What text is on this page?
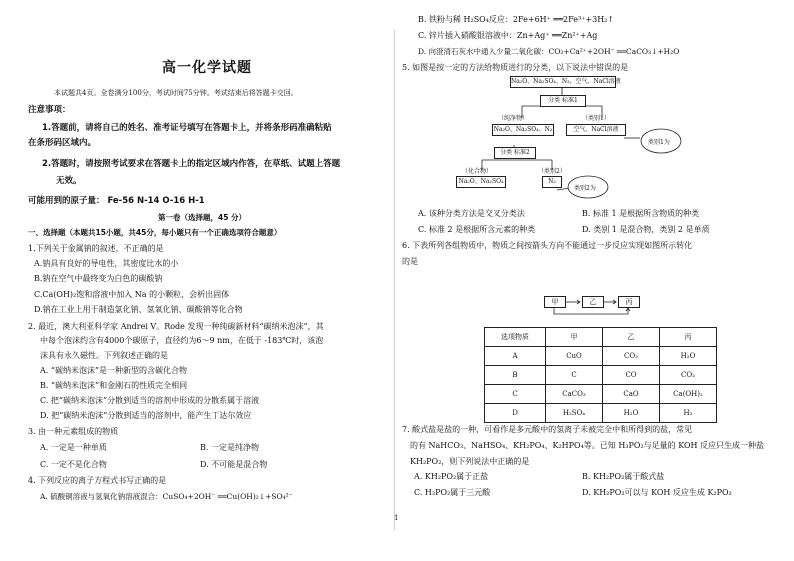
高一化学试题
本试题共4页。全卷满分100分，考试时间75分钟。考试结束后将答题卡交回。
注意事项：
1.答题前，请将自己的姓名、准考证号填写在答题卡上，并将条形码准确粘贴
在条形码区域内。
2.答题时，请按照考试要求在答题卡上的指定区域内作答，在草纸、试题上答题
无效。
可能用到的原子量： Fe-56 N-14 O-16 H-1
第一卷（选择题，45 分）
一、选择题（本题共15小题，共45分，每小题只有一个正确选项符合题意）
1.下列关于金属钠的叙述，不正确的是
A.钠具有良好的导电性，其密度比水的小
B.钠在空气中最终变为白色的碳酸钠
C.Ca(OH)₂饱和溶液中加入 Na 的小颗粒，会析出固体
D.钠在工业上用于制造氯化钠、氢氧化钠、碳酸钠等化合物
2. 最近，澳大利亚科学家 Andrei V。Rode 发现一种纯碳新材料“碳纳米泡沫”，其
中每个泡沫约含有4000个碳原子，直径约为6～9 nm，在低于 -183℃时，该泡
沫具有永久磁性。下列叙述正确的是
A. “碳纳米泡沫”是一种新型的含碳化合物
B. “碳纳米泡沫”和金刚石的性质完全相同
C. 把“碳纳米泡沫”分散到适当的溶剂中形成的分散系属于溶液
D. 把“碳纳米泡沫”分散到适当的溶剂中，能产生丁达尔效应
3. 由一种元素组成的物质
A. 一定是一种单质	B. 一定是纯净物
C. 一定不是化合物	D. 不可能是混合物
4. 下列反应的离子方程式书写正确的是
A. 硫酸铜溶液与氢氧化钠溶液混合：CuSO₄+2OH⁻ ══Cu(OH)₂↓+SO₄²⁻
B. 铁粉与稀 H₂SO₄反应：2Fe+6H⁺ ══2Fe³⁺+3H₂↑
C. 锌片插入硝酸银溶液中：Zn+Ag⁺ ══Zn²⁺+Ag
D. 向澄清石灰水中通入少量二氧化碳：CO₂+Ca²⁺+2OH⁻ ══CaCO₃↓+H₂O
5. 如图是按一定的方法给物质进行的分类，以下说法中错误的是
Na₂O、Na₂SO₄、N₂、空气、NaCl溶液
分类 标准1
（纯净物）
Na₂O、Na₂SO₄、N₂
（类别1）
空气、NaCl溶液
类别1为
分类 标准2
（化合物）
Na₂O、Na₂SO₄
（类别2）
N₂
类别2为
A. 该种分类方法是交叉分类法	B. 标准 1 是根据所含物质的种类
C. 标准 2 是根据所含元素的种类	D. 类别 1 是混合物，类别 2 是单质
6. 下表所列各组物质中，物质之间按箭头方向不能通过一步反应实现如图所示转化
的是
甲	乙	丙
选项物质	甲	乙	丙
A	CuO	CO₂	H₂O
B	C	CO	CO₂
C	CaCO₃	CaO	Ca(OH)₂
D	H₂SO₄	H₂O	H₂
7. 酸式盐是盐的一种，可看作是多元酸中的氢离子未被完全中和所得到的盐，常见
的有 NaHCO₃、NaHSO₄、KH₂PO₄、K₂HPO₄等。已知 H₃PO₂与足量的 KOH 反应只生成一种盐
KH₂PO₂，则下列说法中正确的是
A. KH₂PO₂属于正盐	B. KH₂PO₂属于酸式盐
C. H₃PO₂属于三元酸	D. KH₂PO₂可以与 KOH 反应生成 K₂PO₂
1
